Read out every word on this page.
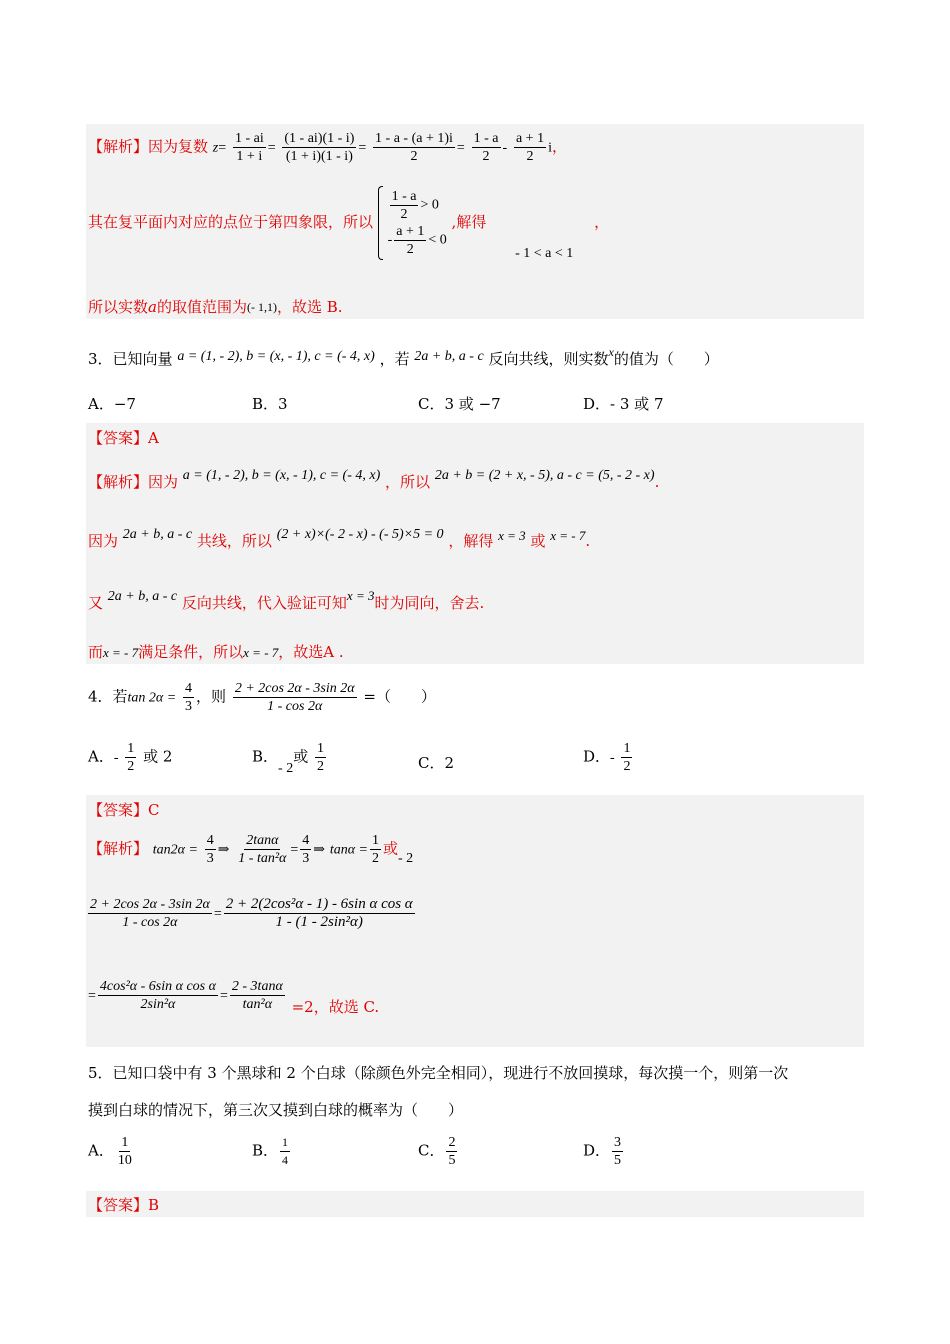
【解析】因为复数 $z= \frac{1 - ai}{1 + i} = \frac{(1 - ai)(1 - i)}{(1 + i)(1 - i)} = \frac{1 - a - (a + 1)i}{2} = \frac{1 - a}{2} - \frac{a + 1}{2}$ i，
其在复平面内对应的点位于第四象限，所以 $\frac{1 - a}{2} > 0$
- $\frac{a + 1}{2} < 0$
,解得 - 1 < a < 1 ，
所以实数a的取值范围为$^{(- 1,1)}$，故选 B.
3．已知向量 a = (1, - 2), b = (x, - 1), c = (- 4, x) ，若 2a + b, a - c 反向共线，则实数$^x$的值为（　　）
A．−7	B．3	C．3 或 −7	D．- 3 或 7
【答案】A
【解析】因为 a = (1, - 2), b = (x, - 1), c = (- 4, x) ，所以 2a + b = (2 + x, - 5), a - c = (5, - 2 - x).
因为 2a + b, a - c 共线，所以 (2 + x)×(- 2 - x) - (- 5)×5 = 0 ，解得 x = 3 或 x = - 7.
又 2a + b, a - c 反向共线，代入验证可知x = 3时为同向，舍去.
而x = - 7满足条件，所以x = - 7，故选A .
4．若$\tan 2\alpha = \frac{4}{3}$ ，则 $\frac{2 + 2\cos 2\alpha - 3\sin 2\alpha}{1 - \cos 2\alpha}$ =（　　）
A．- $\frac{1}{2}$ 或 2	B．- 2或 $\frac{1}{2}$	C．2	D．- $\frac{1}{2}$
【答案】C
【解析】 $\tan 2\alpha = \frac{4}{3}$ ⇒ $\frac{2\tan\alpha}{\text{1 - tan²α}} = \frac{4}{3}$ ⇒ $\tan\alpha = \frac{1}{2}$ 或- 2
$\frac{2 + 2\cos 2\alpha - 3\sin 2\alpha}{1 - \cos 2\alpha} = \frac{\text{2 + 2(2cos²α - 1) - 6sin α cos α}}{\text{1 - (1 - 2sin²α)}}$
= $\frac{\text{4cos²α - 6sin α cos α}}{\text{2sin²α}} = \frac{2 - 3\tan\alpha}{\text{tan²α}} =2$，故选 C.
5．已知口袋中有 3 个黑球和 2 个白球（除颜色外完全相同），现进行不放回摸球，每次摸一个，则第一次
摸到白球的情况下，第三次又摸到白球的概率为（　　）
A． $\frac{1}{10}$	B． $\frac{1}{4}$	C． $\frac{2}{5}$	D． $\frac{3}{5}$
【答案】B
